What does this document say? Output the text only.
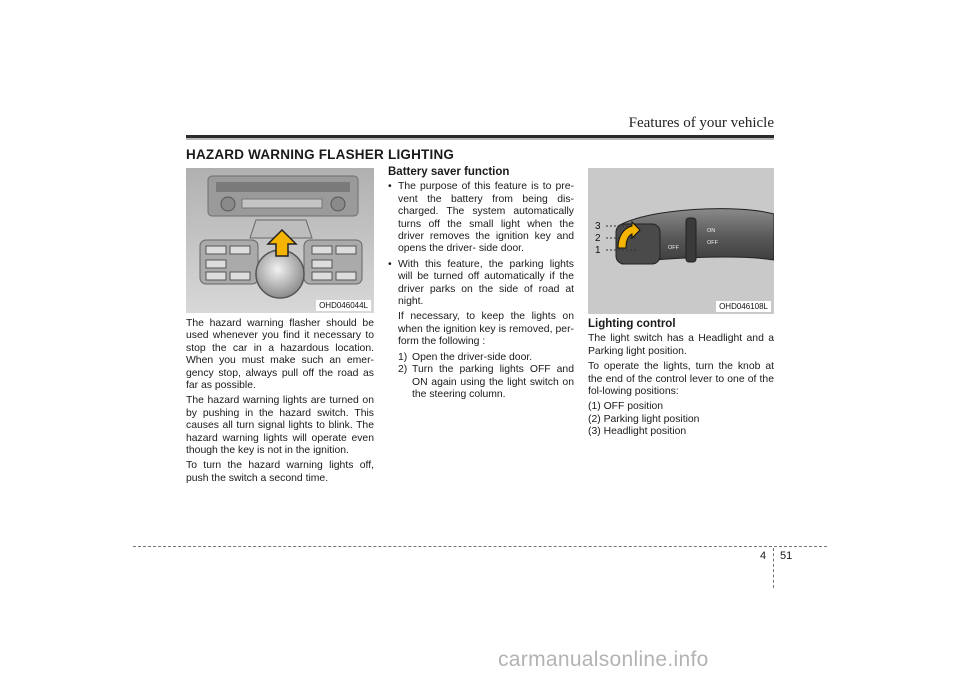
Features of your vehicle
HAZARD WARNING FLASHER LIGHTING
OHD046044L

The hazard warning flasher should be used whenever you find it necessary to stop the car in a hazardous location. When you must make such an emer-gency stop, always pull off the road as far as possible.

The hazard warning lights are turned on by pushing in the hazard switch. This causes all turn signal lights to blink. The hazard warning lights will operate even though the key is not in the ignition.

To turn the hazard warning lights off, push the switch a second time.

Battery saver function
• The purpose of this feature is to pre-vent the battery from being dis-charged. The system automatically turns off the small light when the driver removes the ignition key and opens the driver- side door.
• With this feature, the parking lights will be turned off automatically if the driver parks on the side of road at night.

If necessary, to keep the lights on when the ignition key is removed, per-form the following :

1) Open the driver-side door.
2) Turn the parking lights OFF and ON again using the light switch on the steering column.
ON
OFF
OFF
3
2
1
OHD046108L
Lighting control

The light switch has a Headlight and a Parking light position.

To operate the lights, turn the knob at the end of the control lever to one of the fol-lowing positions:

(1) OFF position
(2) Parking light position
(3) Headlight position
4 51
carmanualsonline.info
